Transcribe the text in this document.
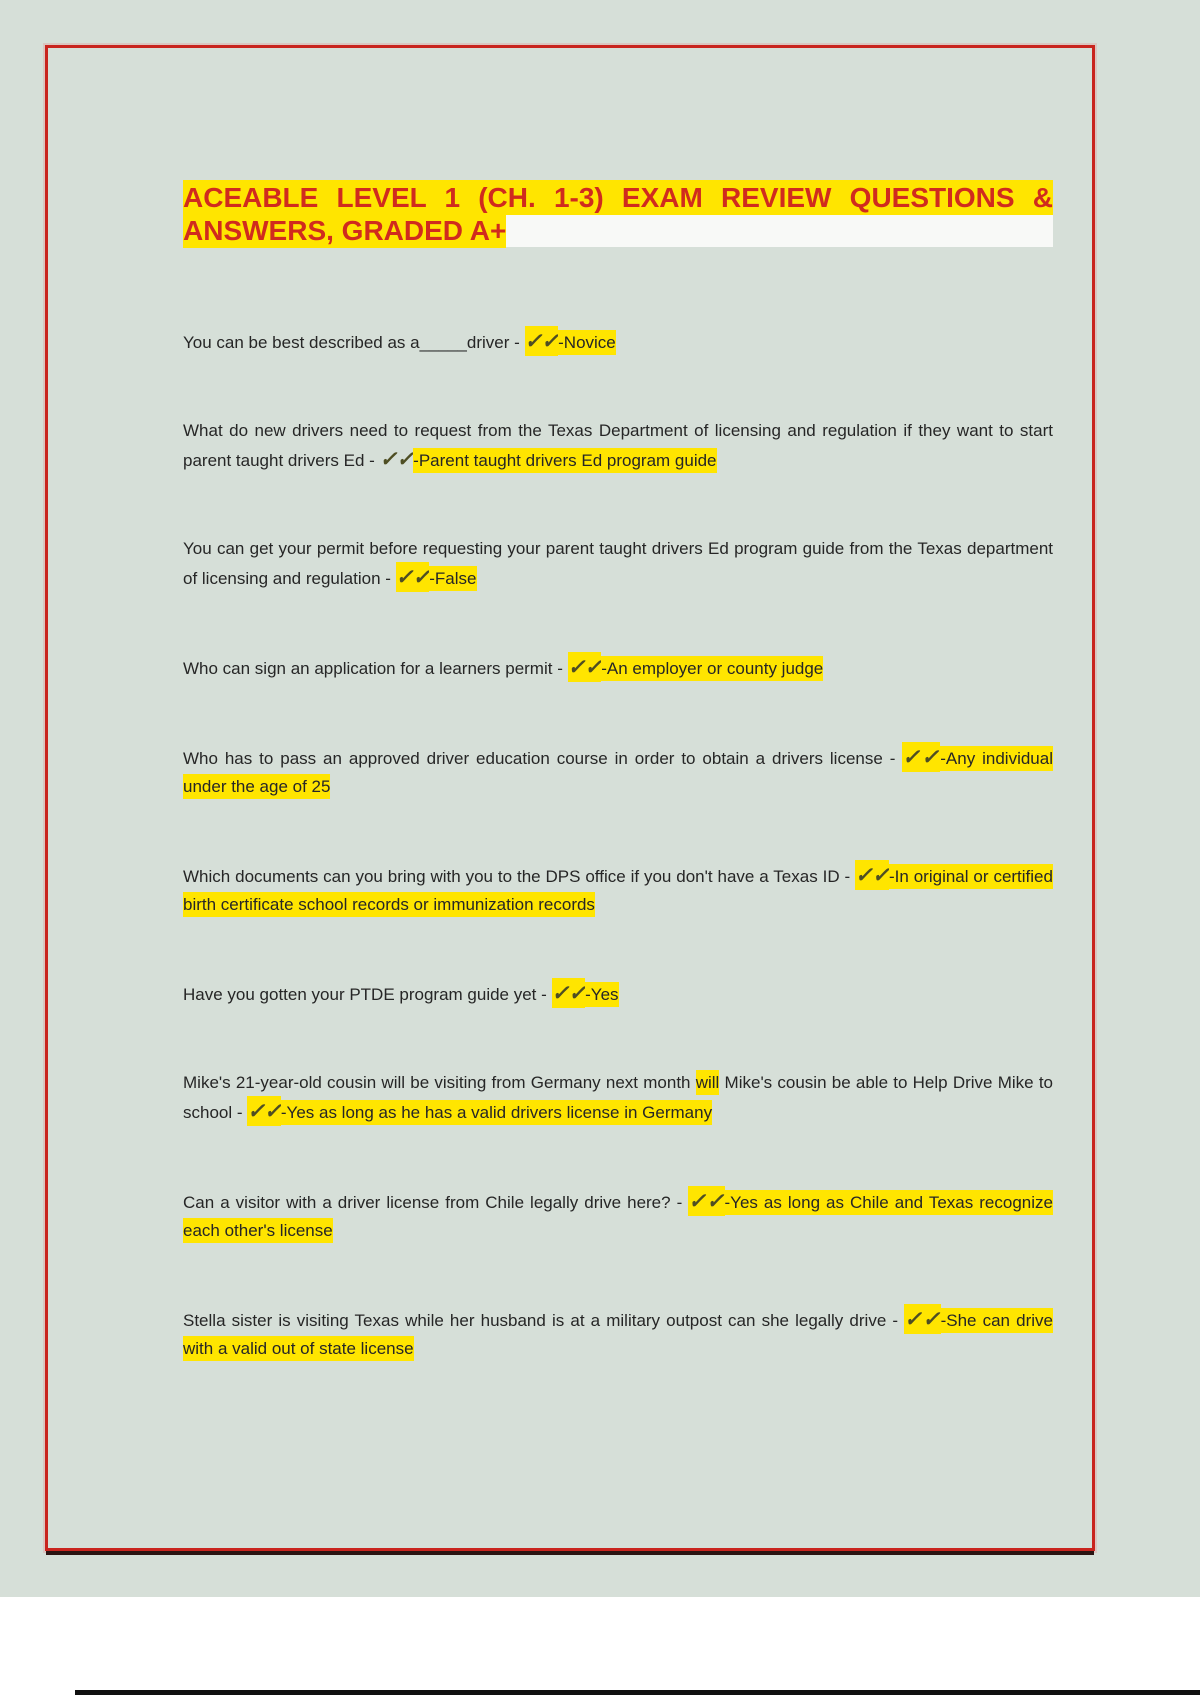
ACEABLE LEVEL 1 (CH. 1-3) EXAM REVIEW QUESTIONS & ANSWERS, GRADED A+

You can be best described as a_____driver - ✓✓-Novice

What do new drivers need to request from the Texas Department of licensing and regulation if they want to start parent taught drivers Ed - ✓✓-Parent taught drivers Ed program guide

You can get your permit before requesting your parent taught drivers Ed program guide from the Texas department of licensing and regulation - ✓✓-False

Who can sign an application for a learners permit - ✓✓-An employer or county judge

Who has to pass an approved driver education course in order to obtain a drivers license - ✓✓-Any individual under the age of 25

Which documents can you bring with you to the DPS office if you don't have a Texas ID - ✓✓-In original or certified birth certificate school records or immunization records

Have you gotten your PTDE program guide yet - ✓✓-Yes

Mike's 21-year-old cousin will be visiting from Germany next month will Mike's cousin be able to Help Drive Mike to school - ✓✓-Yes as long as he has a valid drivers license in Germany

Can a visitor with a driver license from Chile legally drive here? - ✓✓-Yes as long as Chile and Texas recognize each other's license

Stella sister is visiting Texas while her husband is at a military outpost can she legally drive - ✓✓-She can drive with a valid out of state license
